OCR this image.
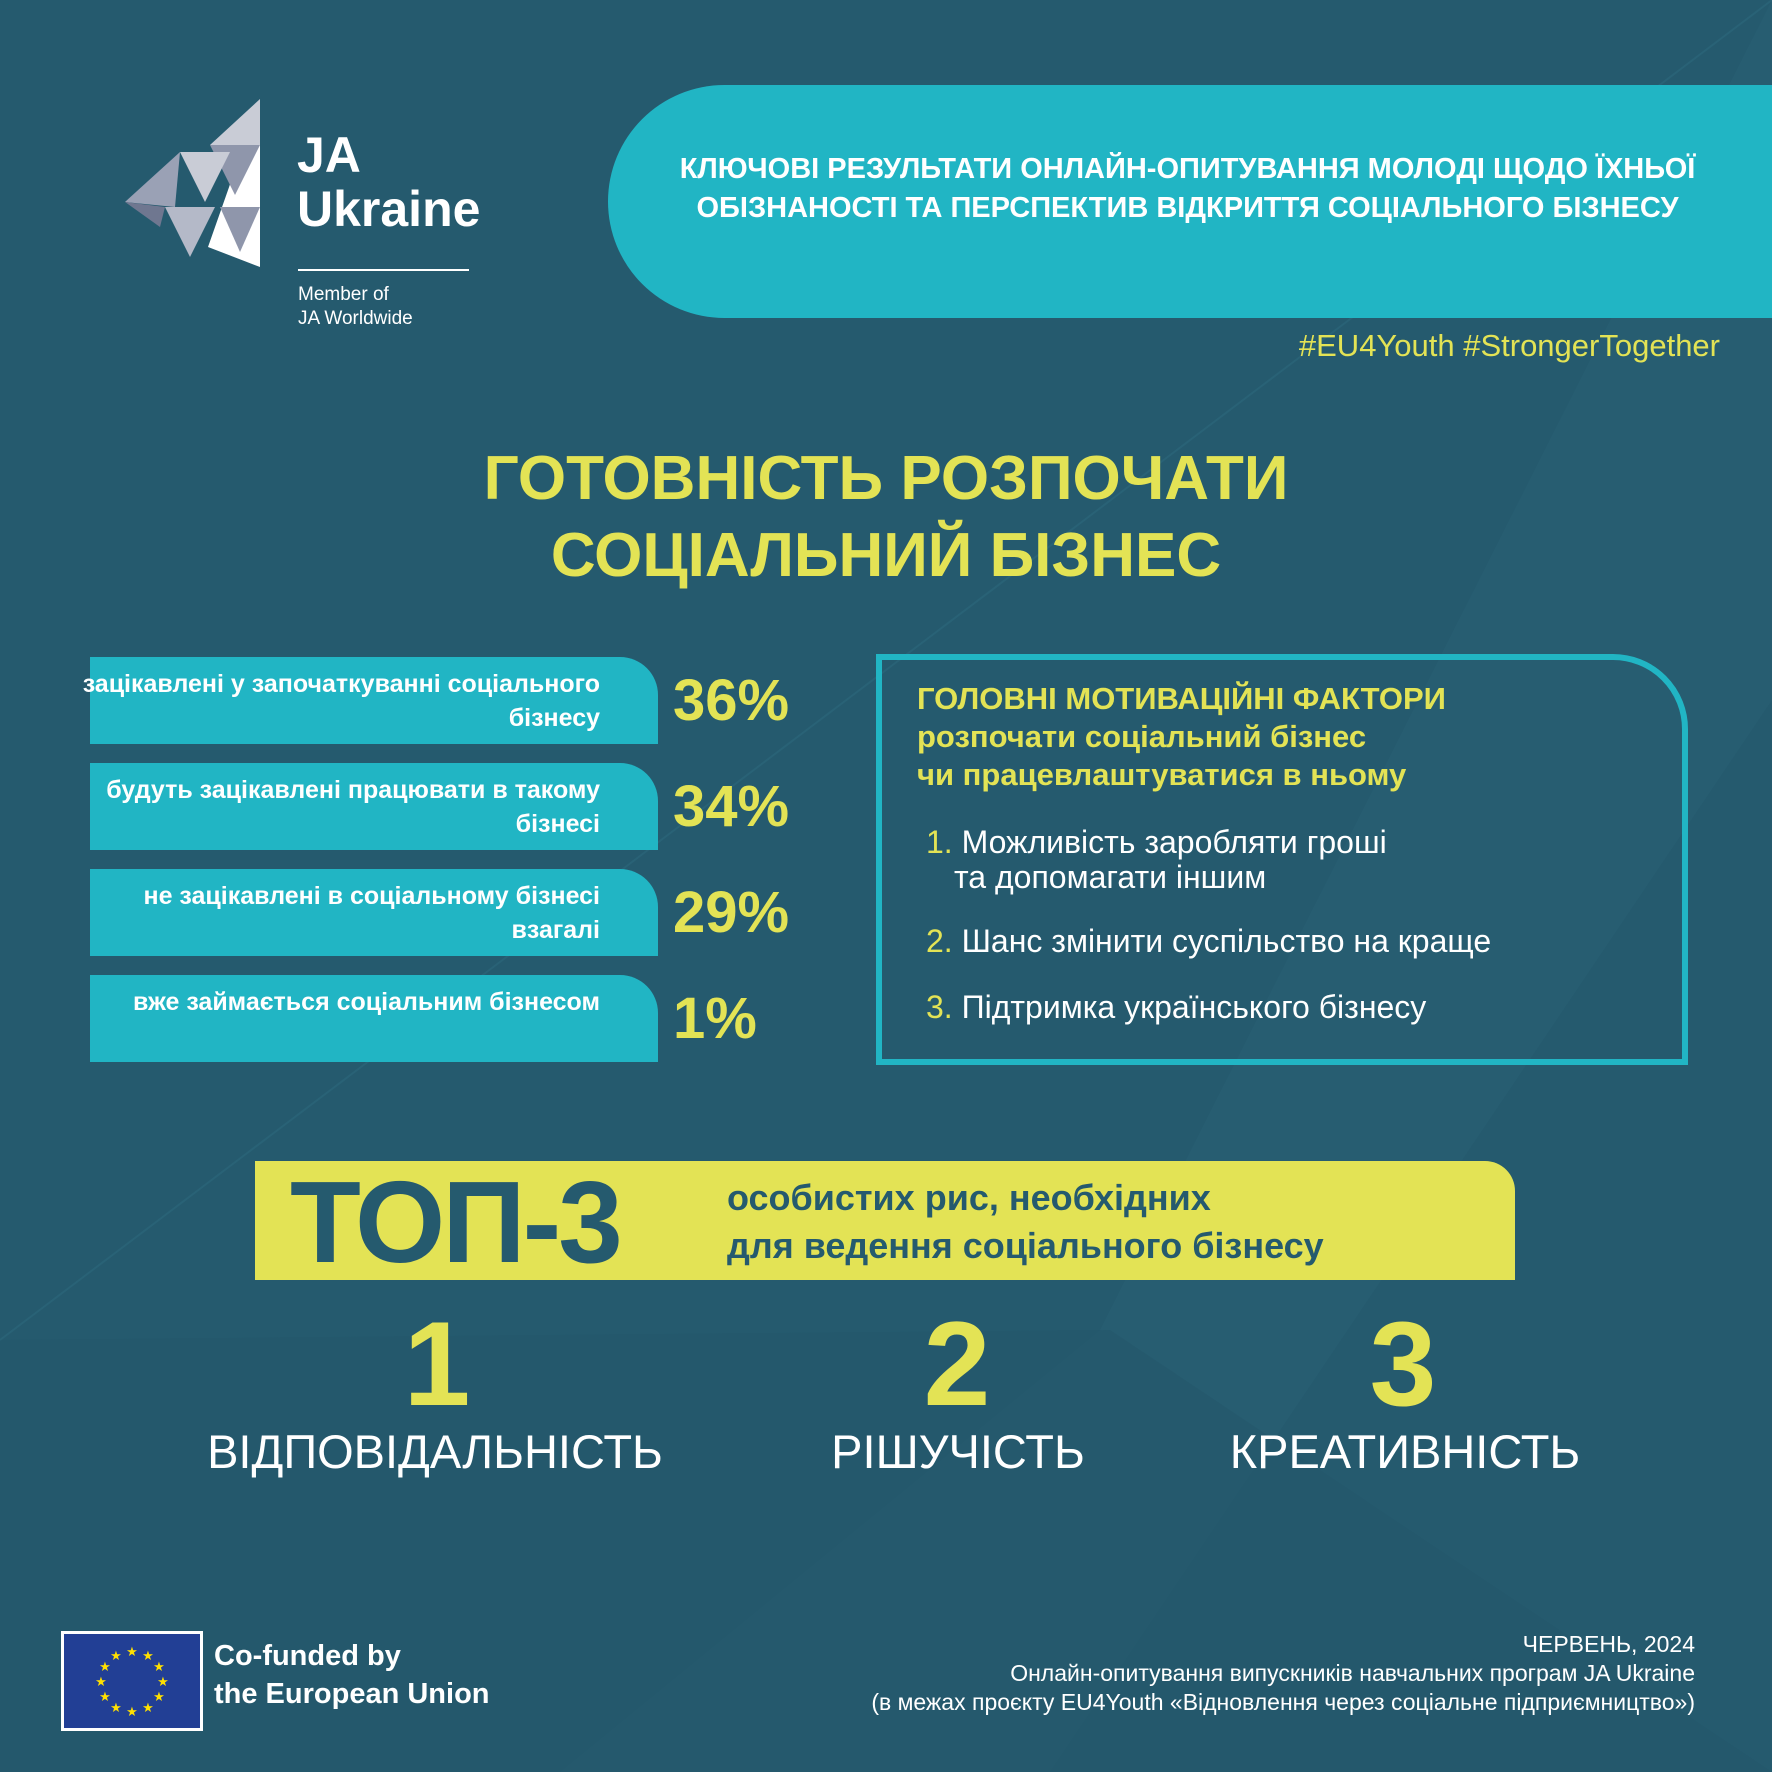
JA
Ukraine
Member of
JA Worldwide
КЛЮЧОВІ РЕЗУЛЬТАТИ ОНЛАЙН-ОПИТУВАННЯ МОЛОДІ ЩОДО ЇХНЬОЇ ОБІЗНАНОСТІ ТА ПЕРСПЕКТИВ ВІДКРИТТЯ СОЦІАЛЬНОГО БІЗНЕСУ
#EU4Youth #StrongerTogether
ГОТОВНІСТЬ РОЗПОЧАТИ
СОЦІАЛЬНИЙ БІЗНЕС
зацікавлені у започаткуванні соціального бізнесу 36%
будуть зацікавлені працювати в такому бізнесі 34%
не зацікавлені в соціальному бізнесі взагалі 29%
вже займається соціальним бізнесом 1%
ГОЛОВНІ МОТИВАЦІЙНІ ФАКТОРИ
розпочати соціальний бізнес
чи працевлаштуватися в ньому
1. Можливість заробляти гроші
та допомагати іншим
2. Шанс змінити суспільство на краще
3. Підтримка українського бізнесу
ТОП-3	особистих рис, необхідних
для ведення соціального бізнесу
1
ВІДПОВІДАЛЬНІСТЬ
2
РІШУЧІСТЬ
3
КРЕАТИВНІСТЬ
★ ★
★
★
★
★
★
★
★
★
★
★	Co-funded by
the European Union
ЧЕРВЕНЬ, 2024
Онлайн-опитування випускників навчальних програм JA Ukraine
(в межах проєкту EU4Youth «Відновлення через соціальне підприємництво»)
